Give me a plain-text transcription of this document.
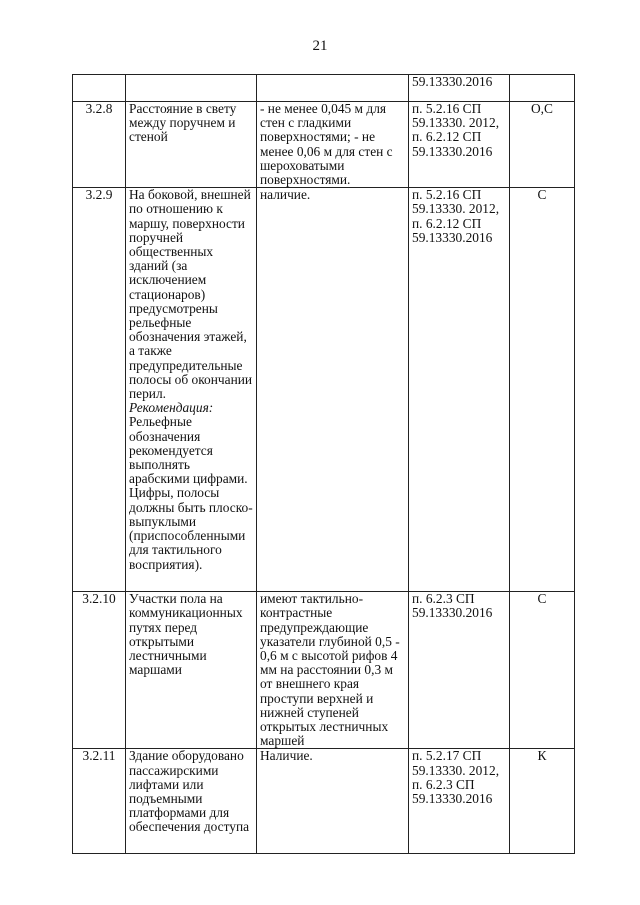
21
			59.13330.2016	
3.2.8	Расстояние в свету между поручнем и стеной	- не менее 0,045 м для стен с гладкими поверхностями; - не менее 0,06 м для стен с шероховатыми поверхностями.	п. 5.2.16 СП 59.13330. 2012, п. 6.2.12 СП 59.13330.2016	О,С
3.2.9	На боковой, внешней по отношению к маршу, поверхности поручней общественных зданий (за исключением стационаров) предусмотрены рельефные обозначения этажей, а также предупредительные полосы об окончании перил. Рекомендация: Рельефные обозначения рекомендуется выполнять арабскими цифрами. Цифры, полосы должны быть плоско-выпуклыми (приспособленными для тактильного восприятия).	наличие.	п. 5.2.16 СП 59.13330. 2012, п. 6.2.12 СП 59.13330.2016	С
3.2.10	Участки пола на коммуникационных путях перед открытыми лестничными маршами	имеют тактильно-контрастные предупреждающие указатели глубиной 0,5 - 0,6 м с высотой рифов 4 мм на расстоянии 0,3 м от внешнего края проступи верхней и нижней ступеней открытых лестничных маршей	п. 6.2.3 СП 59.13330.2016	С
3.2.11	Здание оборудовано пассажирскими лифтами или подъемными платформами для обеспечения доступа	Наличие.	п. 5.2.17 СП 59.13330. 2012, п. 6.2.3 СП 59.13330.2016	К
